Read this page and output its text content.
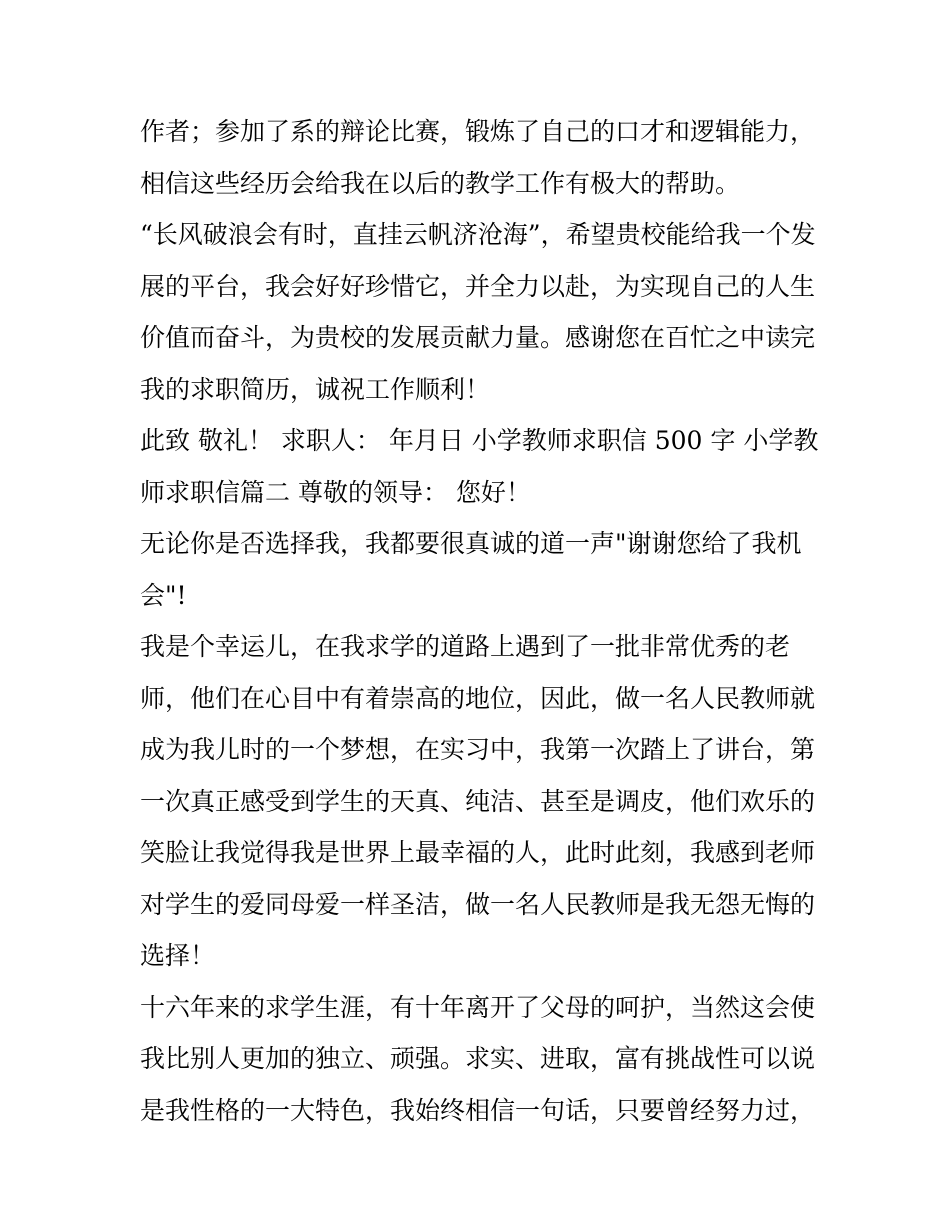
作者；参加了系的辩论比赛，锻炼了自己的口才和逻辑能力，
相信这些经历会给我在以后的教学工作有极大的帮助。
“长风破浪会有时，直挂云帆济沧海”，希望贵校能给我一个发
展的平台，我会好好珍惜它，并全力以赴，为实现自己的人生
价值而奋斗，为贵校的发展贡献力量。感谢您在百忙之中读完
我的求职简历，诚祝工作顺利！
此致 敬礼！ 求职人： 年月日 小学教师求职信 500 字 小学教
师求职信篇二 尊敬的领导： 您好！
无论你是否选择我，我都要很真诚的道一声"谢谢您给了我机
会"!
我是个幸运儿，在我求学的道路上遇到了一批非常优秀的老
师，他们在心目中有着崇高的地位，因此，做一名人民教师就
成为我儿时的一个梦想，在实习中，我第一次踏上了讲台，第
一次真正感受到学生的天真、纯洁、甚至是调皮，他们欢乐的
笑脸让我觉得我是世界上最幸福的人，此时此刻，我感到老师
对学生的爱同母爱一样圣洁，做一名人民教师是我无怨无悔的
选择！
十六年来的求学生涯，有十年离开了父母的呵护，当然这会使
我比别人更加的独立、顽强。求实、进取，富有挑战性可以说
是我性格的一大特色，我始终相信一句话，只要曾经努力过，
